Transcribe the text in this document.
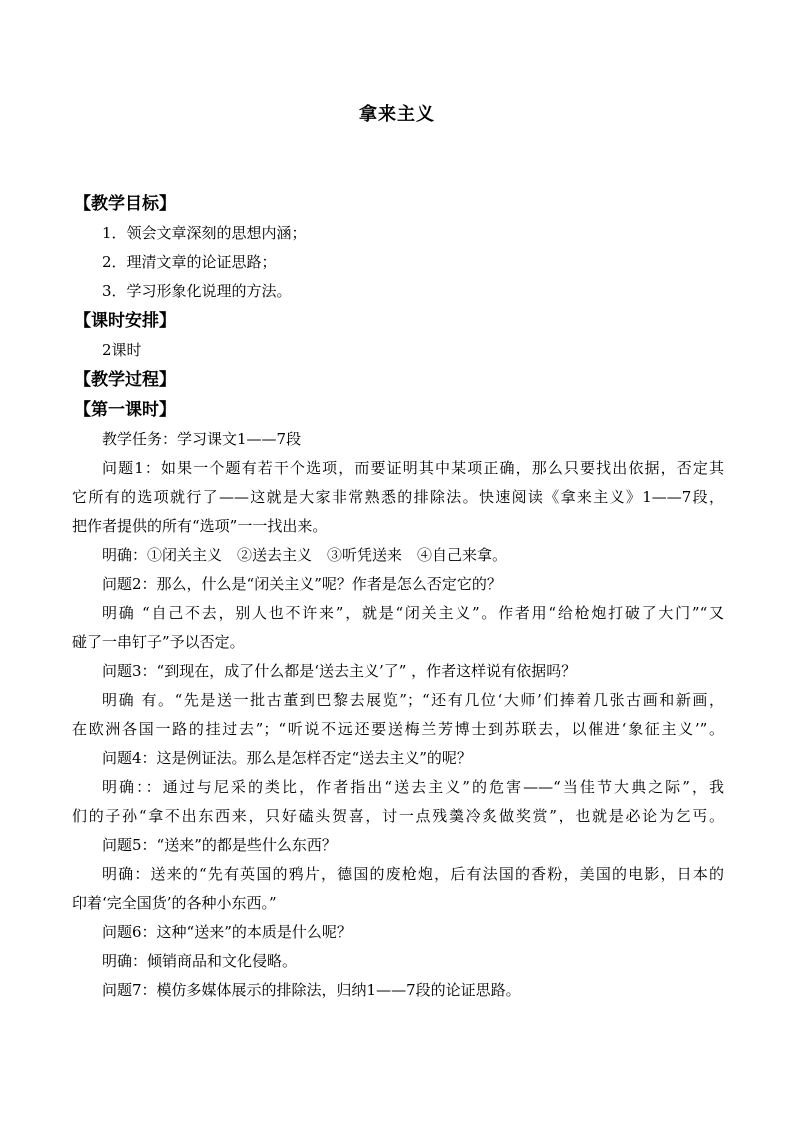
拿来主义
【教学目标】
1．领会文章深刻的思想内涵；
2．理清文章的论证思路；
3．学习形象化说理的方法。
【课时安排】
2课时
【教学过程】
【第一课时】
教学任务：学习课文1——7段
问题1：如果一个题有若干个选项，而要证明其中某项正确，那么只要找出依据，否定其
它所有的选项就行了——这就是大家非常熟悉的排除法。快速阅读《拿来主义》1——7段，
把作者提供的所有“选项”一一找出来。
明确：①闭关主义　②送去主义　③听凭送来　④自己来拿。
问题2：那么，什么是“闭关主义”呢？作者是怎么否定它的？
明确 “自己不去，别人也不许来”，就是“闭关主义”。作者用“给枪炮打破了大门”“又
碰了一串钉子”予以否定。
问题3：“到现在，成了什么都是‘送去主义’了” ，作者这样说有依据吗？
明确 有。“先是送一批古董到巴黎去展览”；“还有几位‘大师’们捧着几张古画和新画，
在欧洲各国一路的挂过去”；“听说不远还要送梅兰芳博士到苏联去，以催进‘象征主义’”。
问题4：这是例证法。那么是怎样否定“送去主义”的呢？
明确：：通过与尼采的类比，作者指出“送去主义”的危害——“当佳节大典之际”，我
们的子孙“拿不出东西来，只好磕头贺喜，讨一点残羹冷炙做奖赏”，也就是必论为乞丐。
问题5：“送来”的都是些什么东西？
明确：送来的“先有英国的鸦片，德国的废枪炮，后有法国的香粉，美国的电影，日本的
印着‘完全国货’的各种小东西。”
问题6：这种“送来”的本质是什么呢？
明确：倾销商品和文化侵略。
问题7：模仿多媒体展示的排除法，归纳1——7段的论证思路。
